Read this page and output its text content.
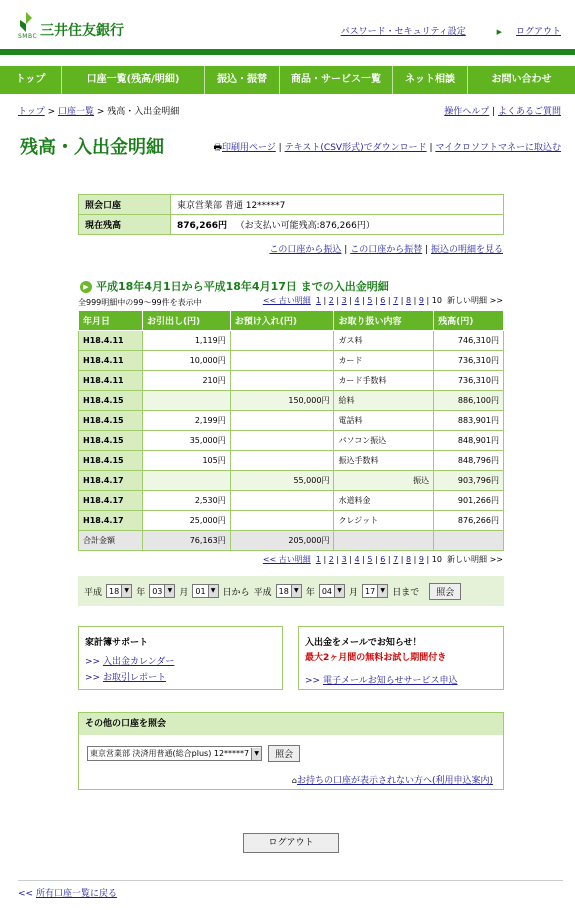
SMBC 三井住友銀行	パスワード・セキュリティ設定	▶ ログアウト
トップ	口座一覧(残高/明細)	振込・振替	商品・サービス一覧	ネット相談	お問い合わせ
トップ > 口座一覧 > 残高・入出金明細	操作ヘルプ | よくあるご質問
残高・入出金明細	🖶印刷用ページ | テキスト(CSV形式)でダウンロード | マイクロソフトマネーに取込む
照会口座	東京営業部 普通 12*****7
現在残高	876,266円 （お支払い可能残高:876,266円）
この口座から振込 | この口座から振替 | 振込の明細を見る
▶ 平成18年4月1日から平成18年4月17日 までの入出金明細
全999明細中の99～99件を表示中	<< 古い明細 1 | 2 | 3 | 4 | 5 | 6 | 7 | 8 | 9 | 10 新しい明細 >>
年月日	お引出し(円)	お預け入れ(円)	お取り扱い内容	残高(円)
H18.4.11	1,119円		ガス料	746,310円
H18.4.11	10,000円		カード	736,310円
H18.4.11	210円		カード手数料	736,310円
H18.4.15		150,000円	給料	886,100円
H18.4.15	2,199円		電話料	883,901円
H18.4.15	35,000円		パソコン振込	848,901円
H18.4.15	105円		振込手数料	848,796円
H18.4.17		55,000円	振込	903,796円
H18.4.17	2,530円		水道料金	901,266円
H18.4.17	25,000円		クレジット	876,266円
合計金額	76,163円	205,000円		
<< 古い明細 1 | 2 | 3 | 4 | 5 | 6 | 7 | 8 | 9 | 10 新しい明細 >>
平成 18 ▼ 年 03 ▼ 月 01 ▼ 日から 平成 18 ▼ 年 04 ▼ 月 17 ▼ 日まで	照会
家計簿サポート
>> 入出金カレンダー
>> お取引レポート
入出金をメールでお知らせ！
最大2ヶ月間の無料お試し期間付き
>> 電子メールお知らせサービス申込
その他の口座を照会
東京営業部 決済用普通(総合plus) 12*****7 ▼	照会
⌂お持ちの口座が表示されない方へ(利用申込案内)
ログアウト
<< 所有口座一覧に戻る
